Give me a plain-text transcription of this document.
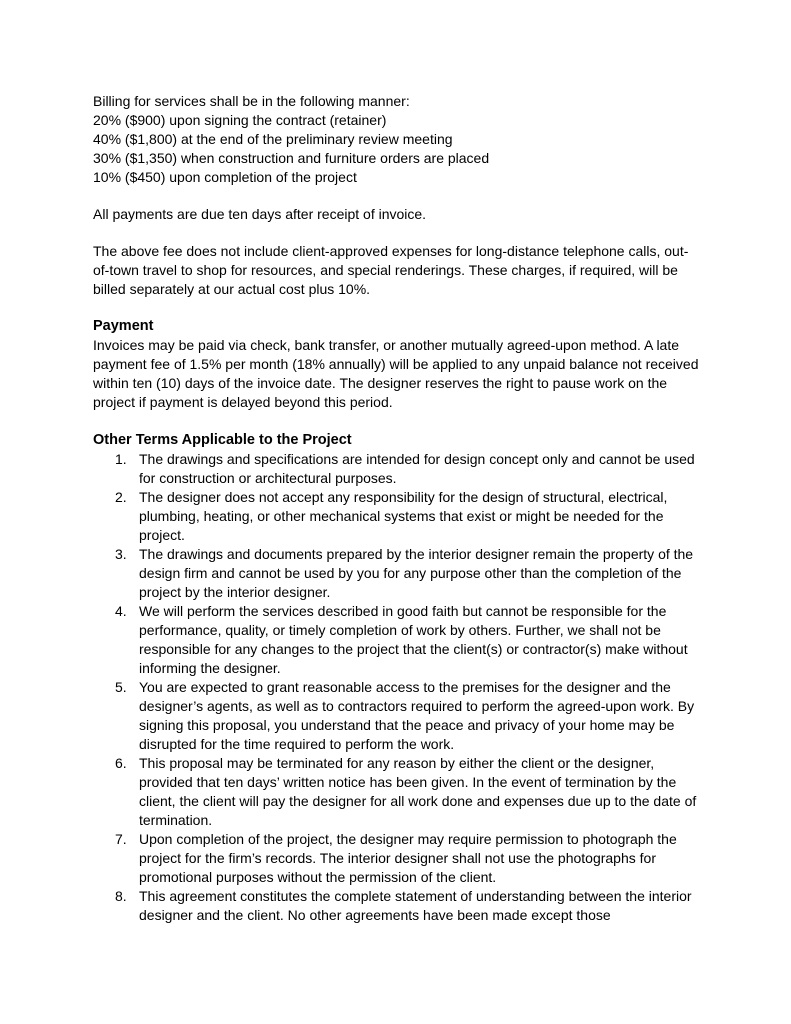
Billing for services shall be in the following manner:

20% ($900) upon signing the contract (retainer)

40% ($1,800) at the end of the preliminary review meeting

30% ($1,350) when construction and furniture orders are placed

10% ($450) upon completion of the project

All payments are due ten days after receipt of invoice.

The above fee does not include client-approved expenses for long-distance telephone calls, out-of-town travel to shop for resources, and special renderings. These charges, if required, will be billed separately at our actual cost plus 10%.

Payment

Invoices may be paid via check, bank transfer, or another mutually agreed-upon method. A late payment fee of 1.5% per month (18% annually) will be applied to any unpaid balance not received within ten (10) days of the invoice date. The designer reserves the right to pause work on the project if payment is delayed beyond this period.

Other Terms Applicable to the Project

1. The drawings and specifications are intended for design concept only and cannot be used for construction or architectural purposes.
2. The designer does not accept any responsibility for the design of structural, electrical, plumbing, heating, or other mechanical systems that exist or might be needed for the project.
3. The drawings and documents prepared by the interior designer remain the property of the design firm and cannot be used by you for any purpose other than the completion of the project by the interior designer.
4. We will perform the services described in good faith but cannot be responsible for the performance, quality, or timely completion of work by others. Further, we shall not be responsible for any changes to the project that the client(s) or contractor(s) make without informing the designer.
5. You are expected to grant reasonable access to the premises for the designer and the designer’s agents, as well as to contractors required to perform the agreed-upon work. By signing this proposal, you understand that the peace and privacy of your home may be disrupted for the time required to perform the work.
6. This proposal may be terminated for any reason by either the client or the designer, provided that ten days’ written notice has been given. In the event of termination by the client, the client will pay the designer for all work done and expenses due up to the date of termination.
7. Upon completion of the project, the designer may require permission to photograph the project for the firm’s records. The interior designer shall not use the photographs for promotional purposes without the permission of the client.
8. This agreement constitutes the complete statement of understanding between the interior designer and the client. No other agreements have been made except those
